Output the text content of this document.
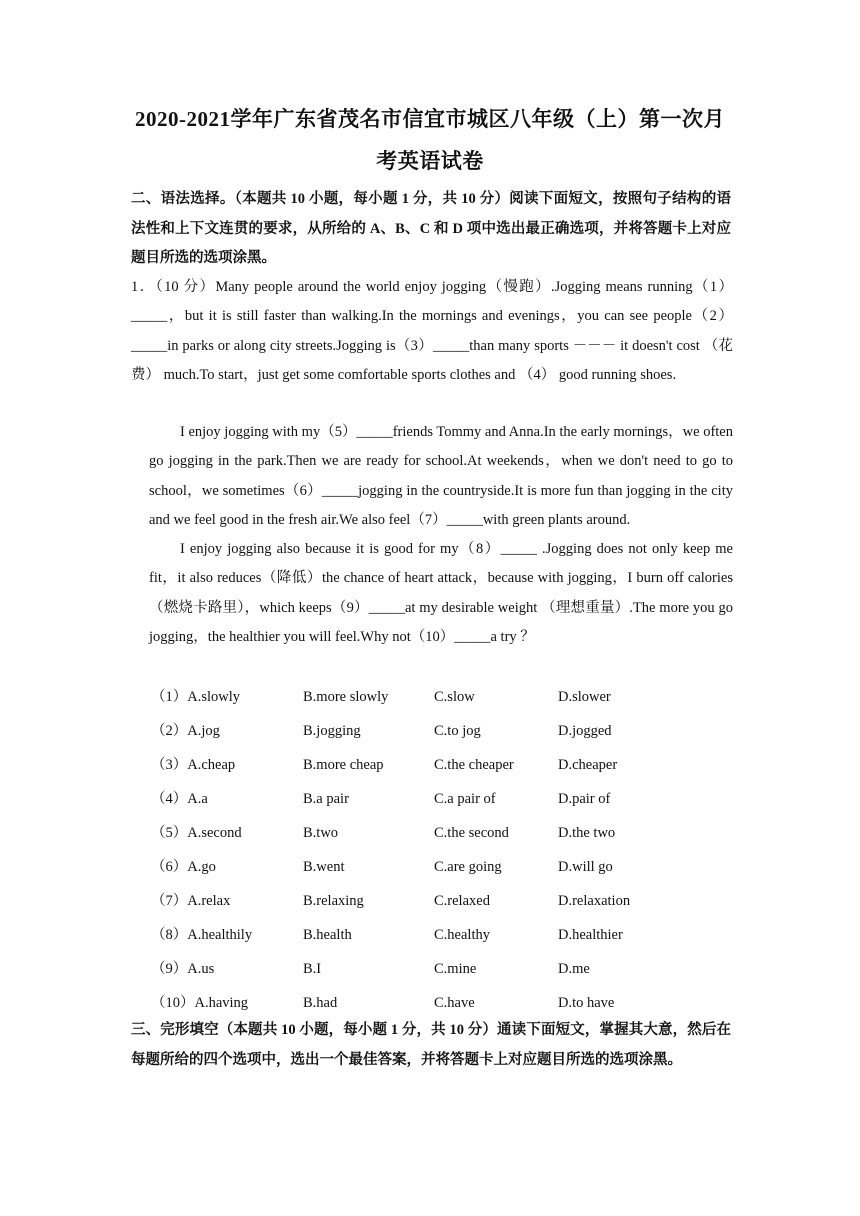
2020-2021学年广东省茂名市信宜市城区八年级（上）第一次月
考英语试卷
二、语法选择。（本题共 10 小题，每小题 1 分，共 10 分）阅读下面短文，按照句子结构的语法性和上下文连贯的要求，从所给的 A、B、C 和 D 项中选出最正确选项，并将答题卡上对应题目所选的选项涂黑。
1．（10 分）Many people around the world enjoy jogging（慢跑）.Jogging means running（1）_____，but it is still faster than walking.In the mornings and evenings，you can see people（2）_____in parks or along city streets.Jogging is（3）_____than many sports －－－ it doesn't cost （花费） much.To start，just get some comfortable sports clothes and （4） good running shoes.
I enjoy jogging with my（5）_____friends Tommy and Anna.In the early mornings，we often go jogging in the park.Then we are ready for school.At weekends，when we don't need to go to school，we sometimes（6）_____jogging in the countryside.It is more fun than jogging in the city and we feel good in the fresh air.We also feel（7）_____with green plants around.
I enjoy jogging also because it is good for my（8）_____ .Jogging does not only keep me fit，it also reduces（降低）the chance of heart attack，because with jogging，I burn off calories（燃烧卡路里），which keeps（9）_____at my desirable weight （理想重量）.The more you go jogging，the healthier you will feel.Why not（10）_____a try ？
（1）A.slowly	B.more slowly	C.slow	D.slower
（2）A.jog	B.jogging	C.to jog	D.jogged
（3）A.cheap	B.more cheap	C.the cheaper	D.cheaper
（4）A.a	B.a pair	C.a pair of	D.pair of
（5）A.second	B.two	C.the second	D.the two
（6）A.go	B.went	C.are going	D.will go
（7）A.relax	B.relaxing	C.relaxed	D.relaxation
（8）A.healthily	B.health	C.healthy	D.healthier
（9）A.us	B.I	C.mine	D.me
（10）A.having	B.had	C.have	D.to have
三、完形填空（本题共 10 小题，每小题 1 分，共 10 分）通读下面短文，掌握其大意，然后在每题所给的四个选项中，选出一个最佳答案，并将答题卡上对应题目所选的选项涂黑。
